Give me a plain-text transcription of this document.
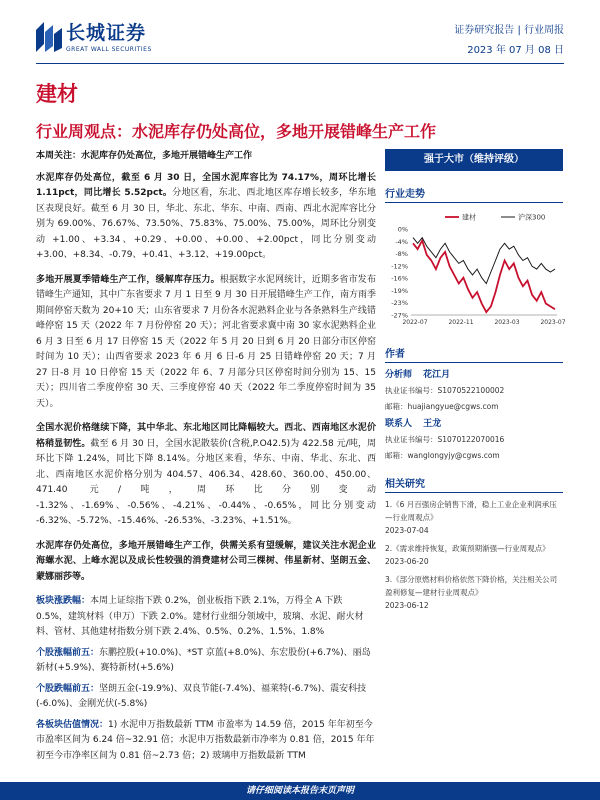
长城证券
GREAT WALL SECURITIES
证券研究报告 | 行业周报
2023 年 07 月 08 日
建材
行业周观点：水泥库存仍处高位，多地开展错峰生产工作
本周关注：水泥库存仍处高位，多地开展错峰生产工作
水泥库存仍处高位，截至 6 月 30 日，全国水泥库容比为 74.17%，周环比增长 1.11pct，同比增长 5.52pct。分地区看，东北、西北地区库存增长较多，华东地区表现良好。截至 6 月 30 日，华北、东北、华东、中南、西南、西北水泥库容比分别为 69.00%、76.67%、73.50%、75.83%、75.00%、75.00%，周环比分别变动 +1.00、+3.34、+0.29、+0.00、+0.00、+2.00pct，同比分别变动 +3.00、+8.34、-0.79、+0.41、+3.12、+19.00pct。
多地开展夏季错峰生产工作，缓解库存压力。根据数字水泥网统计，近期多省市发布错峰生产通知，其中广东省要求 7 月 1 日至 9 月 30 日开展错峰生产工作，南方雨季期间停窑天数为 20+10 天；山东省要求 7 月份各水泥熟料企业与各条熟料生产线错峰停窑 15 天（2022 年 7 月份停窑 20 天）；河北省要求冀中南 30 家水泥熟料企业 6 月 3 日至 6 月 17 日停窑 15 天（2022 年 5 月 20 日到 6 月 20 日部分市区停窑时间为 10 天）；山西省要求 2023 年 6 月 6 日-6 月 25 日错峰停窑 20 天；7 月 27 日-8 月 10 日停窑 15 天（2022 年 6、7 月部分只区停窑时间分别为 15、15 天）；四川省二季度停窑 30 天、三季度停窑 40 天（2022 年二季度停窑时间为 35 天）。
全国水泥价格继续下降，其中华北、东北地区同比降幅较大。西北、西南地区水泥价格稍显韧性。截至 6 月 30 日，全国水泥散装价(含税,P.O42.5)为 422.58 元/吨，周环比下降 1.24%，同比下降 8.14%。分地区来看，华东、中南、华北、东北、西北、西南地区水泥价格分别为 404.57、406.34、428.60、360.00、450.00、471.40 元/吨，周环比分别变动 -1.32%、-1.69%、-0.56%、-4.21%、-0.44%、-0.65%，同比分别变动 -6.32%、-5.72%、-15.46%、-26.53%、-3.23%、+1.51%。
水泥库存仍处高位，多地开展错峰生产工作，供需关系有望缓解，建议关注水泥企业海螺水泥、上峰水泥以及成长性较强的消费建材公司三棵树、伟星新材、坚朗五金、蒙娜丽莎等。
板块涨跌幅：本周上证综指下跌 0.2%，创业板指下跌 2.1%，万得全 A 下跌 0.5%，建筑材料（申万）下跌 2.0%。建材行业细分领域中，玻璃、水泥、耐火材料、管材、其他建材指数分别下跌 2.4%、0.5%、0.2%、1.5%、1.8%
个股涨幅前五：东鹏控股(+10.0%)、*ST 京蓝(+8.0%)、东宏股份(+6.7%)、丽岛新材(+5.9%)、赛特新材(+5.6%)
个股跌幅前五：坚朗五金(-19.9%)、双良节能(-7.4%)、福莱特(-6.7%)、震安科技(-6.0%)、金刚光伏(-5.8%)
各板块估值情况：1) 水泥申万指数最新 TTM 市盈率为 14.59 倍，2015 年年初至今市盈率区间为 6.24 倍~32.91 倍；水泥申万指数最新市净率为 0.81 倍，2015 年年初至今市净率区间为 0.81 倍~2.73 倍；2) 玻璃申万指数最新 TTM
强于大市（维持评级）
行业走势
0%
-4%
-8%
-12%
-16%
-19%
-23%
-27%
2022-07	2022-11	2023-03	2023-07
建材	沪深300
作者
分析师 花江月
执业证书编号：S1070522100002
邮箱：huajiangyue@cgws.com
联系人 王龙
执业证书编号：S1070122070016
邮箱：wanglongyjy@cgws.com
相关研究
1.《6 月百强房企销售下滑，稳上工业企业利润承压 —行业周观点》
2023-07-04
2.《需求维持恢复，政策预期渐强—行业周观点》
2023-06-20
3.《部分原燃材料价格依然下降价格，关注相关公司盈利修复—建材行业周观点》
2023-06-12
请仔细阅读本报告末页声明
